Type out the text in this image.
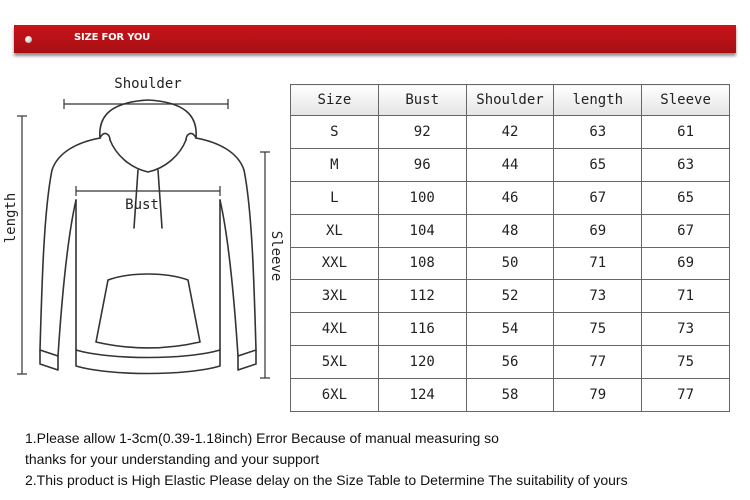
SIZE FOR YOU
Shoulder
Bust
length
Sleeve
Size	Bust	Shoulder	length	Sleeve
S	92	42	63	61
M	96	44	65	63
L	100	46	67	65
XL	104	48	69	67
XXL	108	50	71	69
3XL	112	52	73	71
4XL	116	54	75	73
5XL	120	56	77	75
6XL	124	58	79	77
1.Please allow 1-3cm(0.39-1.18inch) Error Because of manual measuring so
thanks for your understanding and your support
2.This product is High Elastic Please delay on the Size Table to Determine The suitability of yours
